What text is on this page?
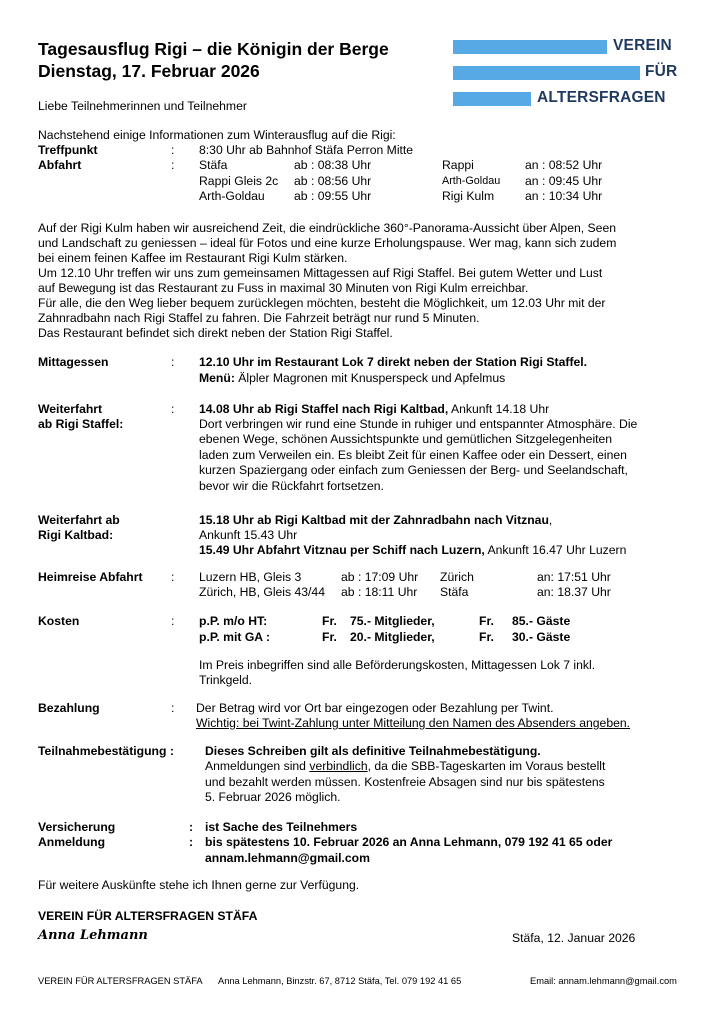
Tagesausflug Rigi – die Königin der Berge
Dienstag, 17. Februar 2026
VEREIN
FÜR
ALTERSFRAGEN
Liebe Teilnehmerinnen und Teilnehmer
Nachstehend einige Informationen zum Winterausflug auf die Rigi:
Treffpunkt	: 8:30 Uhr ab Bahnhof Stäfa Perron Mitte
Abfahrt	: Stäfa	ab : 08:38 Uhr	Rappi	an : 08:52 Uhr
Rappi Gleis 2c ab : 08:56 Uhr	Arth-Goldau an : 09:45 Uhr
Arth-Goldau ab : 09:55 Uhr	Rigi Kulm	an : 10:34 Uhr
Auf der Rigi Kulm haben wir ausreichend Zeit, die eindrückliche 360°-Panorama-Aussicht über Alpen, Seen
und Landschaft zu geniessen – ideal für Fotos und eine kurze Erholungspause. Wer mag, kann sich zudem
bei einem feinen Kaffee im Restaurant Rigi Kulm stärken.
Um 12.10 Uhr treffen wir uns zum gemeinsamen Mittagessen auf Rigi Staffel. Bei gutem Wetter und Lust
auf Bewegung ist das Restaurant zu Fuss in maximal 30 Minuten von Rigi Kulm erreichbar.
Für alle, die den Weg lieber bequem zurücklegen möchten, besteht die Möglichkeit, um 12.03 Uhr mit der
Zahnradbahn nach Rigi Staffel zu fahren. Die Fahrzeit beträgt nur rund 5 Minuten.
Das Restaurant befindet sich direkt neben der Station Rigi Staffel.
Mittagessen	: 12.10 Uhr im Restaurant Lok 7 direkt neben der Station Rigi Staffel.
Menü: Älpler Magronen mit Knusperspeck und Apfelmus
Weiterfahrt
ab Rigi Staffel:
: 14.08 Uhr ab Rigi Staffel nach Rigi Kaltbad, Ankunft 14.18 Uhr
Dort verbringen wir rund eine Stunde in ruhiger und entspannter Atmosphäre. Die
ebenen Wege, schönen Aussichtspunkte und gemütlichen Sitzgelegenheiten
laden zum Verweilen ein. Es bleibt Zeit für einen Kaffee oder ein Dessert, einen
kurzen Spaziergang oder einfach zum Geniessen der Berg- und Seelandschaft,
bevor wir die Rückfahrt fortsetzen.
Weiterfahrt ab
Rigi Kaltbad:
15.18 Uhr ab Rigi Kaltbad mit der Zahnradbahn nach Vitznau,
Ankunft 15.43 Uhr
15.49 Uhr Abfahrt Vitznau per Schiff nach Luzern, Ankunft 16.47 Uhr Luzern
Heimreise Abfahrt : Luzern HB, Gleis 3	ab : 17:09 Uhr Zürich	an: 17:51 Uhr
Zürich, HB, Gleis 43/44 ab : 18:11 Uhr Stäfa	an: 18.37 Uhr
Kosten	: p.P. m/o HT:	Fr. 75.- Mitglieder,	Fr. 85.- Gäste
p.P. mit GA :	Fr. 20.- Mitglieder,	Fr. 30.- Gäste
Im Preis inbegriffen sind alle Beförderungskosten, Mittagessen Lok 7 inkl.
Trinkgeld.
Bezahlung	: Der Betrag wird vor Ort bar eingezogen oder Bezahlung per Twint.
Wichtig: bei Twint-Zahlung unter Mitteilung den Namen des Absenders angeben.
Teilnahmebestätigung :	Dieses Schreiben gilt als definitive Teilnahmebestätigung.
Anmeldungen sind verbindlich, da die SBB-Tageskarten im Voraus bestellt
und bezahlt werden müssen. Kostenfreie Absagen sind nur bis spätestens
5. Februar 2026 möglich.
Versicherung	: ist Sache des Teilnehmers
Anmeldung	: bis spätestens 10. Februar 2026 an Anna Lehmann, 079 192 41 65 oder
annam.lehmann@gmail.com
Für weitere Auskünfte stehe ich Ihnen gerne zur Verfügung.
VEREIN FÜR ALTERSFRAGEN STÄFA
Anna Lehmann	Stäfa, 12. Januar 2026
VEREIN FÜR ALTERSFRAGEN STÄFA Anna Lehmann, Binzstr. 67, 8712 Stäfa, Tel. 079 192 41 65	Email: annam.lehmann@gmail.com
